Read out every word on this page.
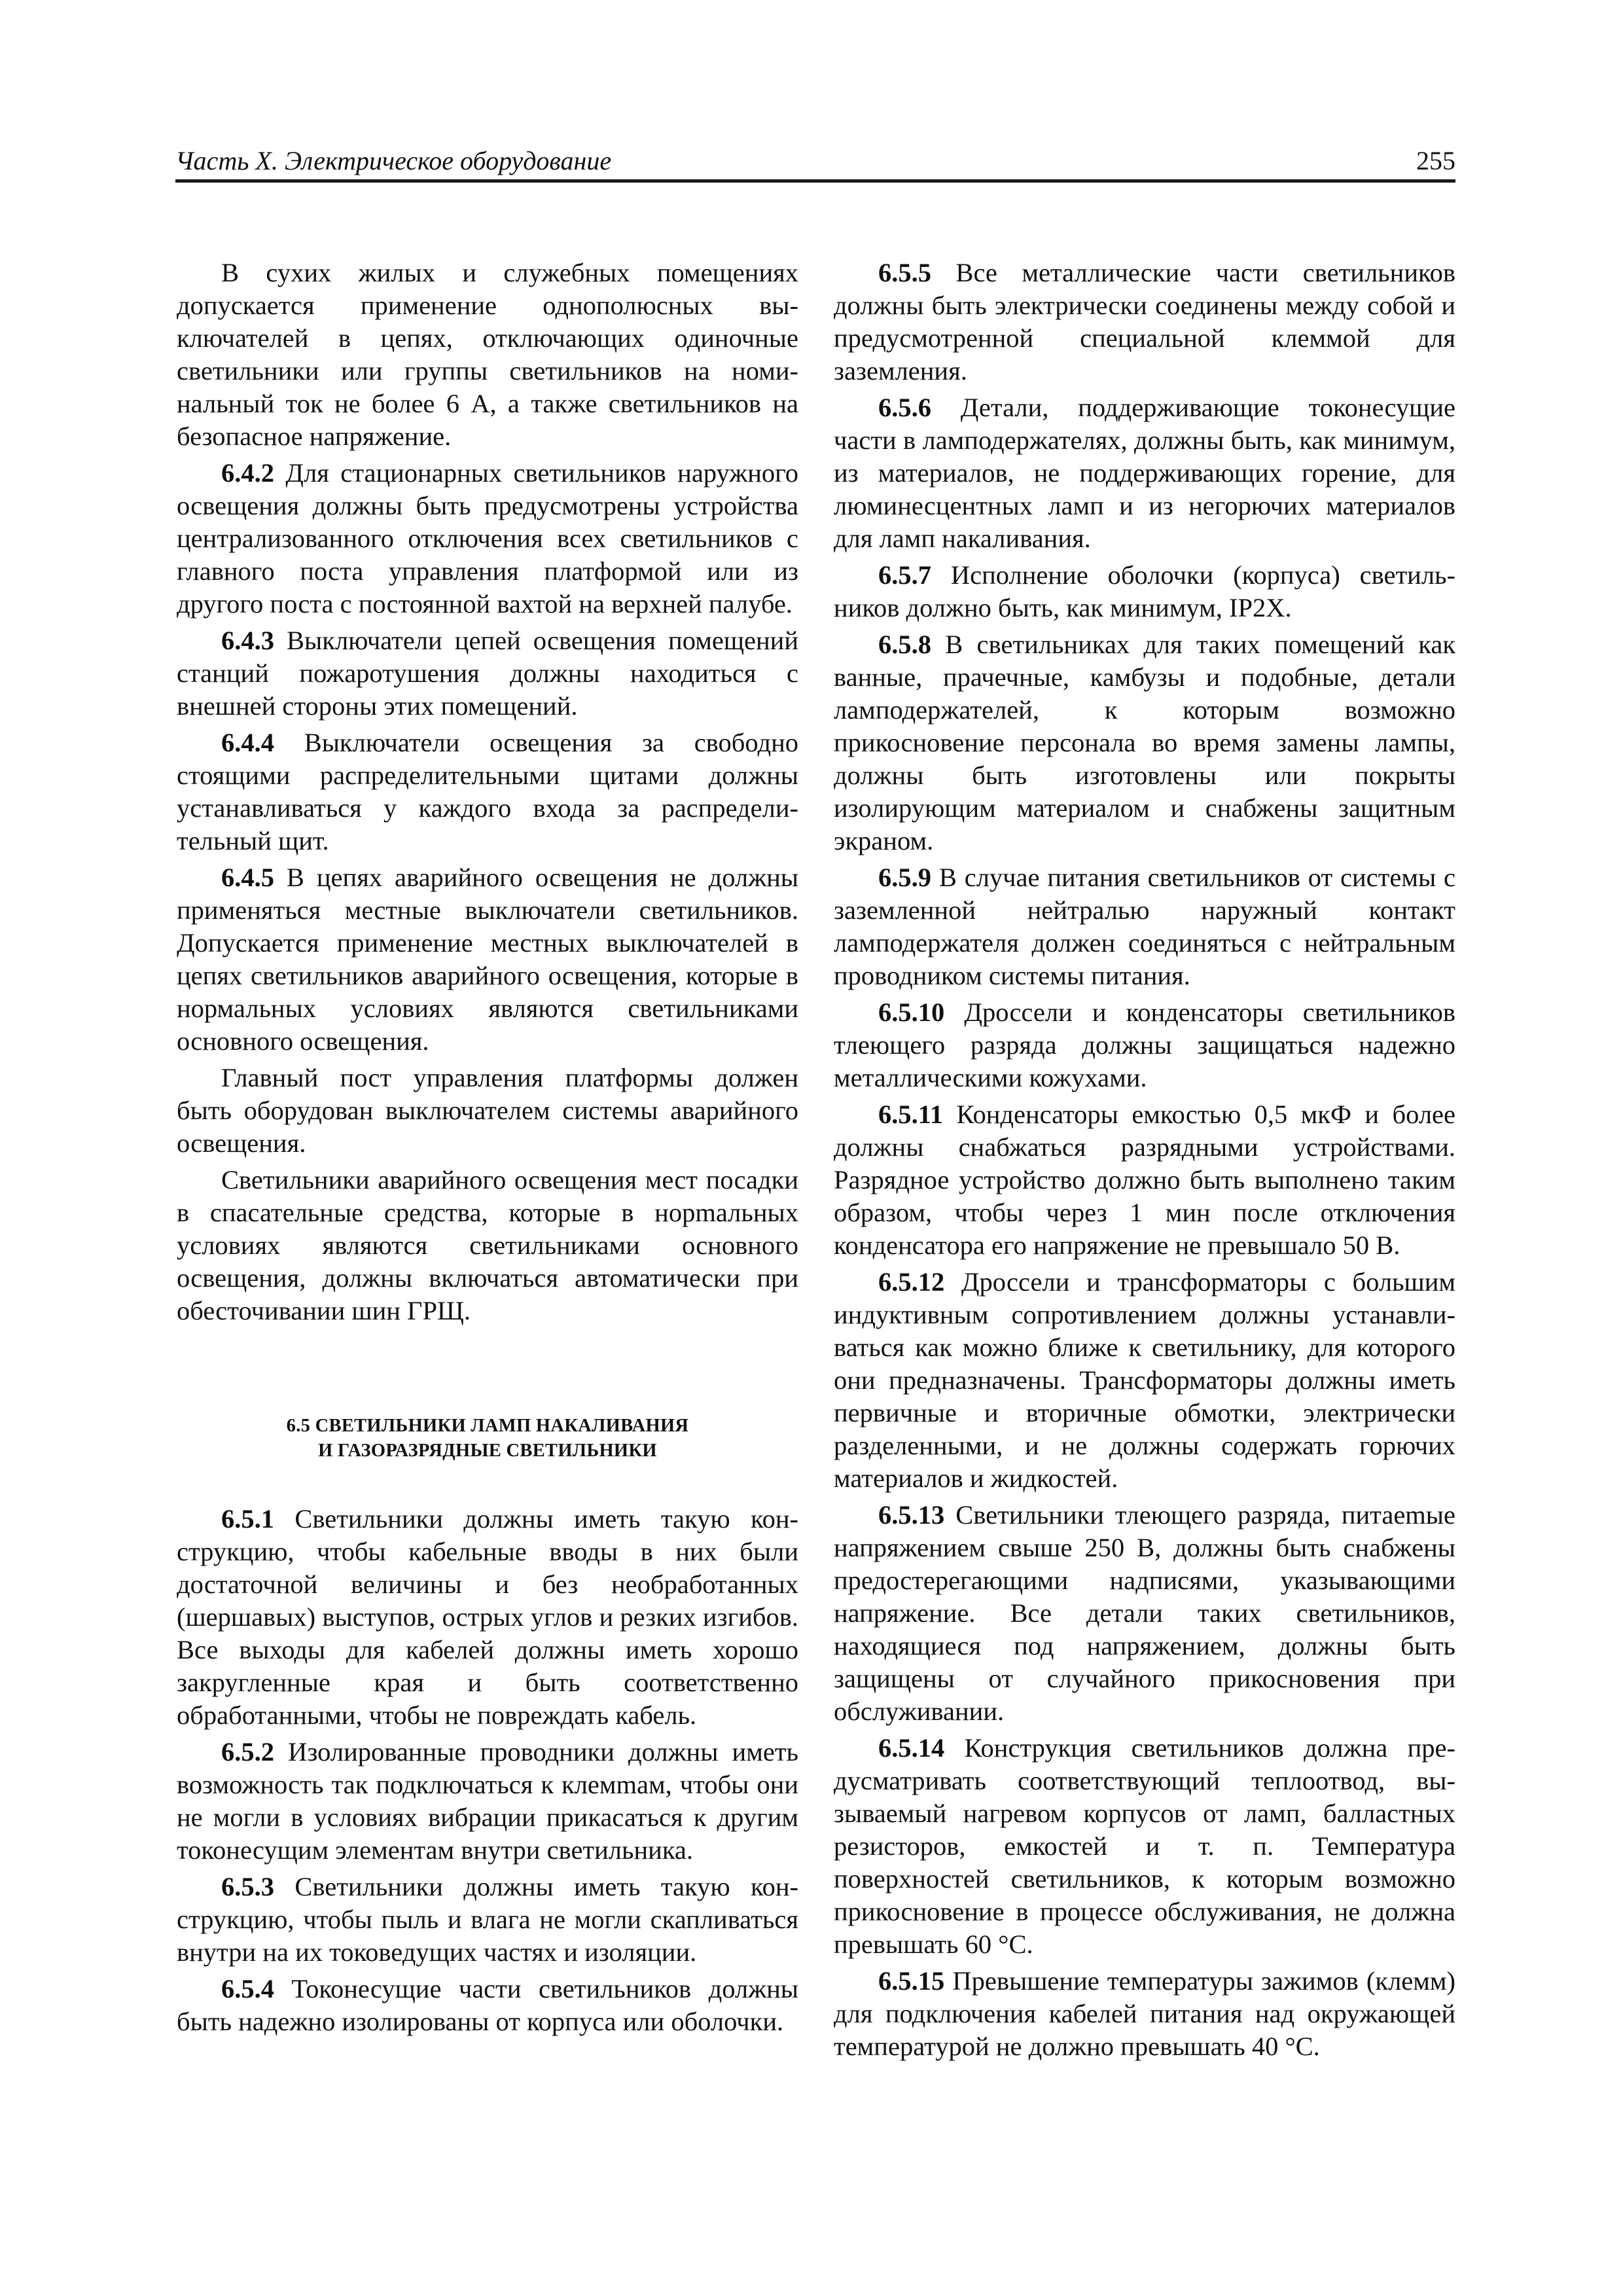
Часть X. Электрическое оборудование	255

В сухих жилых и служебных помещениях допускается применение однополюсных выключателей в цепях, отключающих одиночные светильники или группы светильников на номинальный ток не более 6 А, а также светильников на безопасное напряжение.

6.4.2 Для стационарных светильников наружного освещения должны быть предусмотрены устройства централизованного отключения всех светильников с главного поста управления платформой или из другого поста с постоянной вахтой на верхней палубе.

6.4.3 Выключатели цепей освещения помещений станций пожаротушения должны находиться с внешней стороны этих помещений.

6.4.4 Выключатели освещения за свободно стоящими распределительными щитами должны устанавливаться у каждого входа за распределительный щит.

6.4.5 В цепях аварийного освещения не должны применяться местные выключатели светильников. Допускается применение местных выключателей в цепях светильников аварийного освещения, которые в нормальных условиях являются светильниками основного освещения.

Главный пост управления платформы должен быть оборудован выключателем системы аварийного освещения.

Светильники аварийного освещения мест посадки в спасательные средства, которые в норmальных условиях являются светильниками основного освещения, должны включаться автоматически при обесточивании шин ГРЩ.

6.5 СВЕТИЛЬНИКИ ЛАМП НАКАЛИВАНИЯ
И ГАЗОРАЗРЯДНЫЕ СВЕТИЛЬНИКИ

6.5.1 Светильники должны иметь такую конструкцию, чтобы кабельные вводы в них были достаточной величины и без необработанных (шершавых) выступов, острых углов и резких изгибов. Все выходы для кабелей должны иметь хорошо закругленные края и быть соответственно обработанными, чтобы не повреждать кабель.

6.5.2 Изолированные проводники должны иметь возможность так подключаться к клемmам, чтобы они не могли в условиях вибрации прикасаться к другим токонесущим элементам внутри светильника.

6.5.3 Светильники должны иметь такую конструкцию, чтобы пыль и влага не могли скапливаться внутри на их токоведущих частях и изоляции.

6.5.4 Токонесущие части светильников должны быть надежно изолированы от корпуса или оболочки.

6.5.5 Все металлические части светильников должны быть электрически соединены между собой и предусмотренной специальной клеммой для заземления.

6.5.6 Детали, поддерживающие токонесущие части в ламподержателях, должны быть, как минимум, из материалов, не поддерживающих горение, для люминесцентных ламп и из негорючих материалов для ламп накаливания.

6.5.7 Исполнение оболочки (корпуса) светильников должно быть, как минимум, IP2X.

6.5.8 В светильниках для таких помещений как ванные, прачечные, камбузы и подобные, детали ламподержателей, к которым возможно прикосновение персонала во время замены лампы, должны быть изготовлены или покрыты изолирующим материалом и снабжены защитным экраном.

6.5.9 В случае питания светильников от системы с заземленной нейтралью наружный контакт ламподержателя должен соединяться с нейтральным проводником системы питания.

6.5.10 Дроссели и конденсаторы светильников тлеющего разряда должны защищаться надежно металлическими кожухами.

6.5.11 Конденсаторы емкостью 0,5 мкФ и более должны снабжаться разрядными устройствами. Разрядное устройство должно быть выполнено таким образом, чтобы через 1 мин после отключения конденсатора его напряжение не превышало 50 В.

6.5.12 Дроссели и трансформаторы с большим индуктивным сопротивлением должны устанавливаться как можно ближе к светильнику, для которого они предназначены. Трансформаторы должны иметь первичные и вторичные обмотки, электрически разделенными, и не должны содержать горючих материалов и жидкостей.

6.5.13 Светильники тлеющего разряда, питаеmые напряжением свыше 250 В, должны быть снабжены предостерегающими надписями, указывающими напряжение. Все детали таких светильников, находящиеся под напряжением, должны быть защищены от случайного прикосновения при обслуживании.

6.5.14 Конструкция светильников должна предусматривать соответствующий теплоотвод, вызываемый нагревом корпусов от ламп, балластных резисторов, емкостей и т. п. Температура поверхностей светильников, к которым возможно прикосновение в процессе обслуживания, не должна превышать 60 °С.

6.5.15 Превышение температуры зажимов (клемм) для подключения кабелей питания над окружающей температурой не должно превышать 40 °С.
